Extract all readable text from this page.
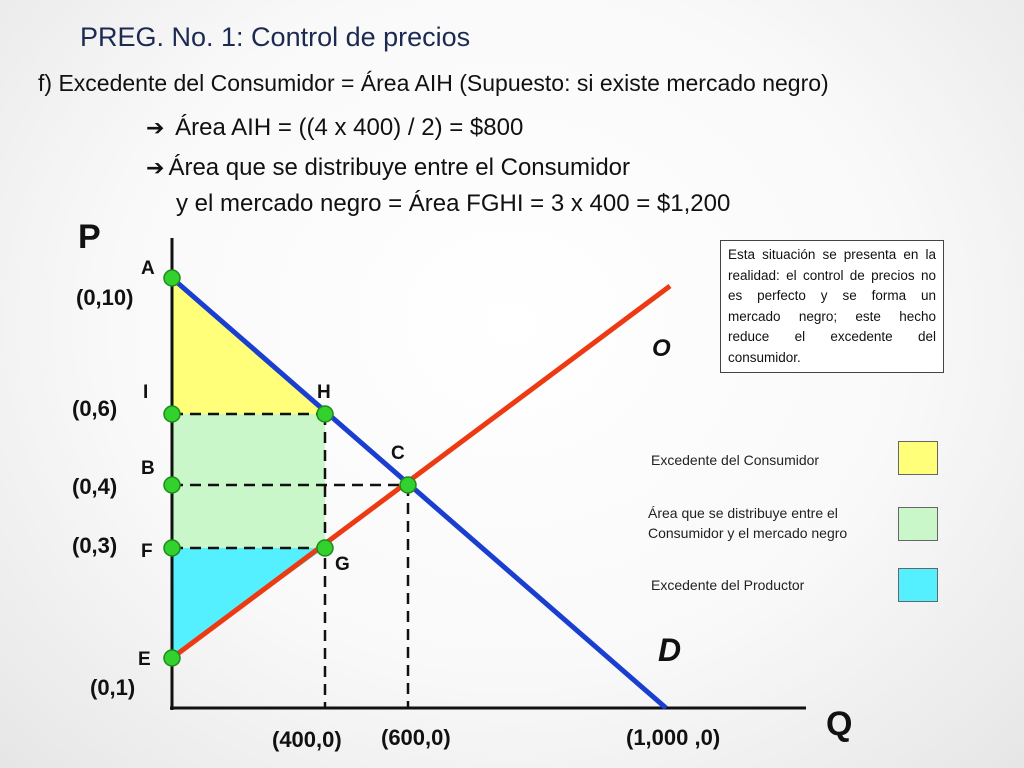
PREG. No. 1: Control de precios
f) Excedente del Consumidor = Área AIH (Supuesto: si existe mercado negro)
➔ Área AIH = ((4 x 400) / 2) = $800
➔ Área que se distribuye entre el Consumidor
y el mercado negro = Área FGHI = 3 x 400 = $1,200
P
Q
O
D
A
I	H
C
B
F
G
E
(0,10)
(0,6)
(0,4)
(0,3)
(0,1)
(400,0) (600,0)	(1,000 ,0)
Esta situación se presenta en la realidad: el control de precios no es perfecto y se forma un mercado negro; este hecho reduce el excedente del consumidor.
Excedente del Consumidor
Área que se distribuye entre el Consumidor y el mercado negro
Excedente del Productor
